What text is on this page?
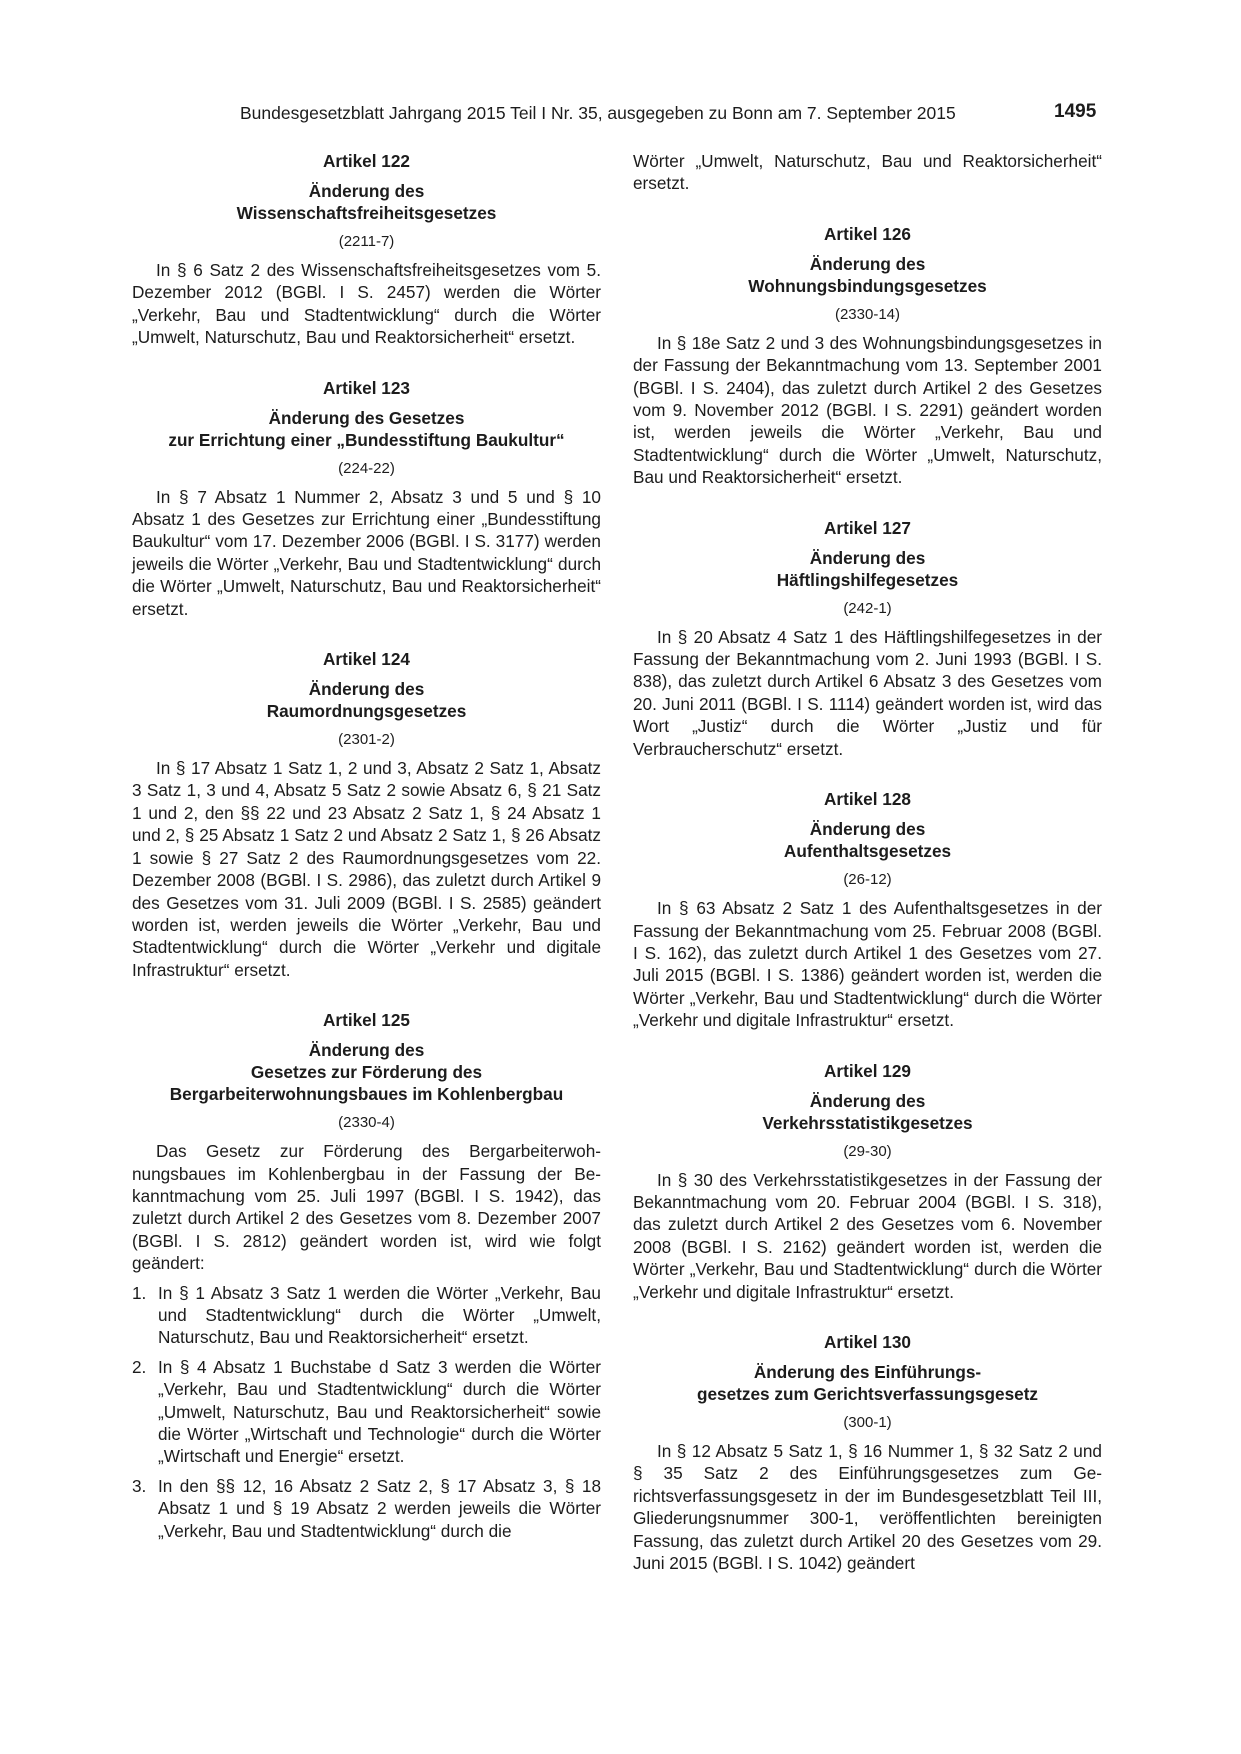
Bundesgesetzblatt Jahrgang 2015 Teil I Nr. 35, ausgegeben zu Bonn am 7. September 2015	1495
Artikel 122
Änderung des
Wissenschaftsfreiheitsgesetzes
(2211-7)

In § 6 Satz 2 des Wissenschaftsfreiheitsgesetzes vom 5. Dezember 2012 (BGBl. I S. 2457) werden die Wörter „Verkehr, Bau und Stadtentwicklung“ durch die Wörter „Umwelt, Naturschutz, Bau und Reaktorsicherheit“ ersetzt.

Artikel 123
Änderung des Gesetzes
zur Errichtung einer „Bundesstiftung Baukultur“
(224-22)

In § 7 Absatz 1 Nummer 2, Absatz 3 und 5 und § 10 Absatz 1 des Gesetzes zur Errichtung einer „Bundesstiftung Baukultur“ vom 17. Dezember 2006 (BGBl. I S. 3177) werden jeweils die Wörter „Verkehr, Bau und Stadtentwicklung“ durch die Wörter „Umwelt, Naturschutz, Bau und Reaktorsicherheit“ ersetzt.

Artikel 124
Änderung des
Raumordnungsgesetzes
(2301-2)

In § 17 Absatz 1 Satz 1, 2 und 3, Absatz 2 Satz 1, Absatz 3 Satz 1, 3 und 4, Absatz 5 Satz 2 sowie Absatz 6, § 21 Satz 1 und 2, den §§ 22 und 23 Absatz 2 Satz 1, § 24 Absatz 1 und 2, § 25 Absatz 1 Satz 2 und Absatz 2 Satz 1, § 26 Absatz 1 sowie § 27 Satz 2 des Raumordnungsgesetzes vom 22. Dezember 2008 (BGBl. I S. 2986), das zuletzt durch Artikel 9 des Gesetzes vom 31. Juli 2009 (BGBl. I S. 2585) geändert worden ist, werden jeweils die Wörter „Verkehr, Bau und Stadtentwicklung“ durch die Wörter „Verkehr und digitale Infrastruktur“ ersetzt.

Artikel 125
Änderung des
Gesetzes zur Förderung des
Bergarbeiterwohnungsbaues im Kohlenbergbau
(2330-4)

Das Gesetz zur Förderung des Bergarbeiterwohnungsbaues im Kohlenbergbau in der Fassung der Bekanntmachung vom 25. Juli 1997 (BGBl. I S. 1942), das zuletzt durch Artikel 2 des Gesetzes vom 8. Dezember 2007 (BGBl. I S. 2812) geändert worden ist, wird wie folgt geändert:

1. In § 1 Absatz 3 Satz 1 werden die Wörter „Verkehr, Bau und Stadtentwicklung“ durch die Wörter „Umwelt, Naturschutz, Bau und Reaktorsicherheit“ ersetzt.
2. In § 4 Absatz 1 Buchstabe d Satz 3 werden die Wörter „Verkehr, Bau und Stadtentwicklung“ durch die Wörter „Umwelt, Naturschutz, Bau und Reaktorsicherheit“ sowie die Wörter „Wirtschaft und Technologie“ durch die Wörter „Wirtschaft und Energie“ ersetzt.
3. In den §§ 12, 16 Absatz 2 Satz 2, § 17 Absatz 3, § 18 Absatz 1 und § 19 Absatz 2 werden jeweils die Wörter „Verkehr, Bau und Stadtentwicklung“ durch die

Wörter „Umwelt, Naturschutz, Bau und Reaktorsicherheit“ ersetzt.

Artikel 126
Änderung des
Wohnungsbindungsgesetzes
(2330-14)

In § 18e Satz 2 und 3 des Wohnungsbindungsgesetzes in der Fassung der Bekanntmachung vom 13. September 2001 (BGBl. I S. 2404), das zuletzt durch Artikel 2 des Gesetzes vom 9. November 2012 (BGBl. I S. 2291) geändert worden ist, werden jeweils die Wörter „Verkehr, Bau und Stadtentwicklung“ durch die Wörter „Umwelt, Naturschutz, Bau und Reaktorsicherheit“ ersetzt.

Artikel 127
Änderung des
Häftlingshilfegesetzes
(242-1)

In § 20 Absatz 4 Satz 1 des Häftlingshilfegesetzes in der Fassung der Bekanntmachung vom 2. Juni 1993 (BGBl. I S. 838), das zuletzt durch Artikel 6 Absatz 3 des Gesetzes vom 20. Juni 2011 (BGBl. I S. 1114) geändert worden ist, wird das Wort „Justiz“ durch die Wörter „Justiz und für Verbraucherschutz“ ersetzt.

Artikel 128
Änderung des
Aufenthaltsgesetzes
(26-12)

In § 63 Absatz 2 Satz 1 des Aufenthaltsgesetzes in der Fassung der Bekanntmachung vom 25. Februar 2008 (BGBl. I S. 162), das zuletzt durch Artikel 1 des Gesetzes vom 27. Juli 2015 (BGBl. I S. 1386) geändert worden ist, werden die Wörter „Verkehr, Bau und Stadtentwicklung“ durch die Wörter „Verkehr und digitale Infrastruktur“ ersetzt.

Artikel 129
Änderung des
Verkehrsstatistikgesetzes
(29-30)

In § 30 des Verkehrsstatistikgesetzes in der Fassung der Bekanntmachung vom 20. Februar 2004 (BGBl. I S. 318), das zuletzt durch Artikel 2 des Gesetzes vom 6. November 2008 (BGBl. I S. 2162) geändert worden ist, werden die Wörter „Verkehr, Bau und Stadtentwicklung“ durch die Wörter „Verkehr und digitale Infrastruktur“ ersetzt.

Artikel 130
Änderung des Einführungs-
gesetzes zum Gerichtsverfassungsgesetz
(300-1)

In § 12 Absatz 5 Satz 1, § 16 Nummer 1, § 32 Satz 2 und § 35 Satz 2 des Einführungsgesetzes zum Gerichtsverfassungsgesetz in der im Bundesgesetzblatt Teil III, Gliederungsnummer 300-1, veröffentlichten bereinigten Fassung, das zuletzt durch Artikel 20 des Gesetzes vom 29. Juni 2015 (BGBl. I S. 1042) geändert
